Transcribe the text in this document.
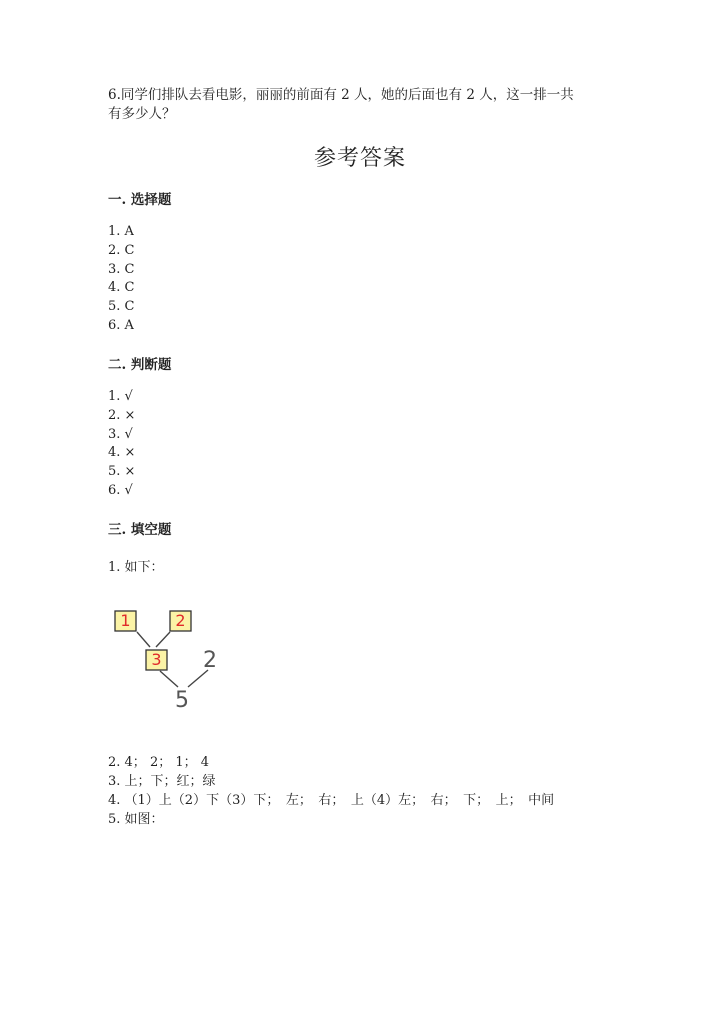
6.同学们排队去看电影，丽丽的前面有 2 人，她的后面也有 2 人，这一排一共
有多少人？
参考答案
一. 选择题
1. A
2. C
3. C
4. C
5. C
6. A
二. 判断题
1. √
2. ×
3. √
4. ×
5. ×
6. √
三. 填空题
1. 如下：
1	2
3 2
5
2. 4； 2； 1； 4
3. 上；下；红；绿
4. （1）上（2）下（3）下；　左；　右；　上（4）左；　右；　下；　上；　中间
5. 如图：
